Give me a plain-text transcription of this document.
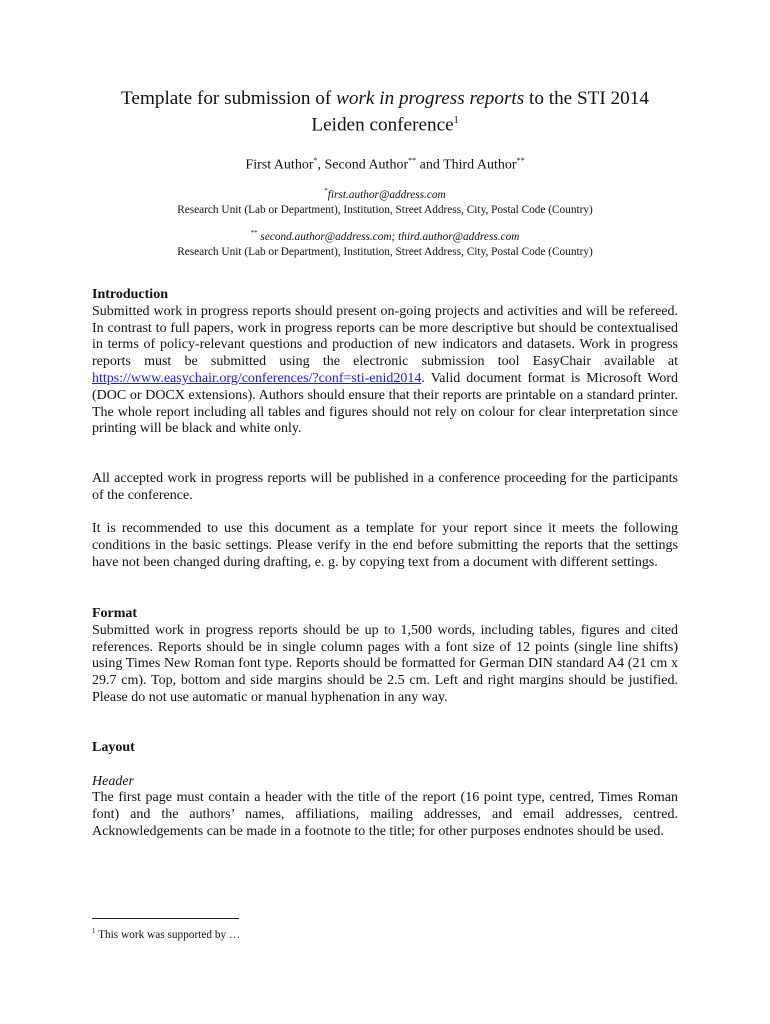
Template for submission of work in progress reports to the STI 2014
Leiden conference$^1$
First Author*, Second Author** and Third Author**
*first.author@address.com
Research Unit (Lab or Department), Institution, Street Address, City, Postal Code (Country)
** second.author@address.com; third.author@address.com
Research Unit (Lab or Department), Institution, Street Address, City, Postal Code (Country)

Introduction

Submitted work in progress reports should present on-going projects and activities and will be refereed. In contrast to full papers, work in progress reports can be more descriptive but should be contextualised in terms of policy-relevant questions and production of new indicators and datasets. Work in progress reports must be submitted using the electronic submission tool EasyChair available at https://www.easychair.org/conferences/?conf=sti-enid2014. Valid document format is Microsoft Word (DOC or DOCX extensions). Authors should ensure that their reports are printable on a standard printer. The whole report including all tables and figures should not rely on colour for clear interpretation since printing will be black and white only.

All accepted work in progress reports will be published in a conference proceeding for the participants of the conference.

It is recommended to use this document as a template for your report since it meets the following conditions in the basic settings. Please verify in the end before submitting the reports that the settings have not been changed during drafting, e. g. by copying text from a document with different settings.

Format

Submitted work in progress reports should be up to 1,500 words, including tables, figures and cited references. Reports should be in single column pages with a font size of 12 points (single line shifts) using Times New Roman font type. Reports should be formatted for German DIN standard A4 (21 cm x 29.7 cm). Top, bottom and side margins should be 2.5 cm. Left and right margins should be justified. Please do not use automatic or manual hyphenation in any way.

Layout

Header

The first page must contain a header with the title of the report (16 point type, centred, Times Roman font) and the authors’ names, affiliations, mailing addresses, and email addresses, centred. Acknowledgements can be made in a footnote to the title; for other purposes endnotes should be used.

$^1$ This work was supported by …
